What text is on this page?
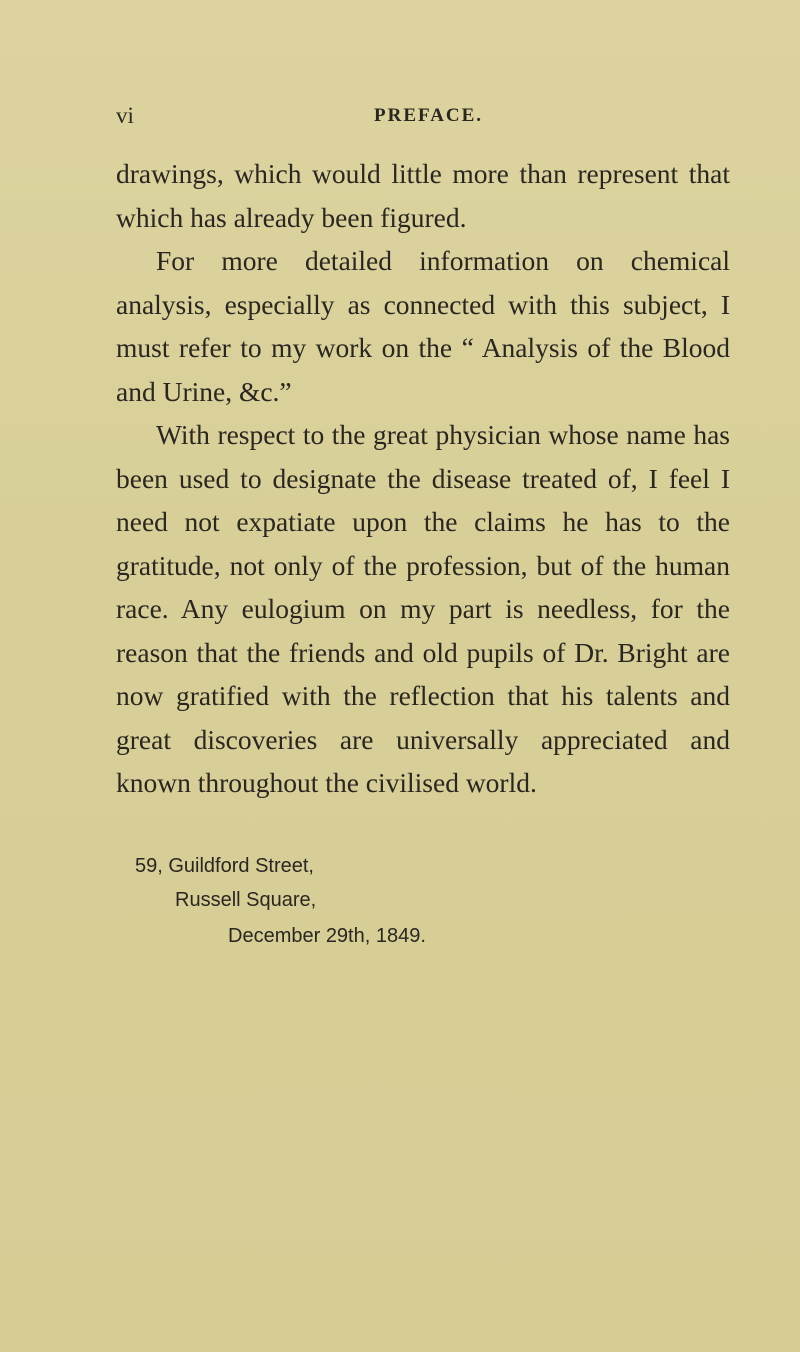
vi	PREFACE.

drawings, which would little more than represent that which has already been figured.

For more detailed information on chemical analysis, especially as connected with this subject, I must refer to my work on the “ Analysis of the Blood and Urine, &c.”

With respect to the great physician whose name has been used to designate the disease treated of, I feel I need not expatiate upon the claims he has to the gratitude, not only of the profession, but of the human race. Any eulogium on my part is needless, for the reason that the friends and old pupils of Dr. Bright are now gratified with the reflection that his talents and great discoveries are universally appreciated and known throughout the civilised world.

59, Guildford Street,
Russell Square,
December 29th, 1849.
